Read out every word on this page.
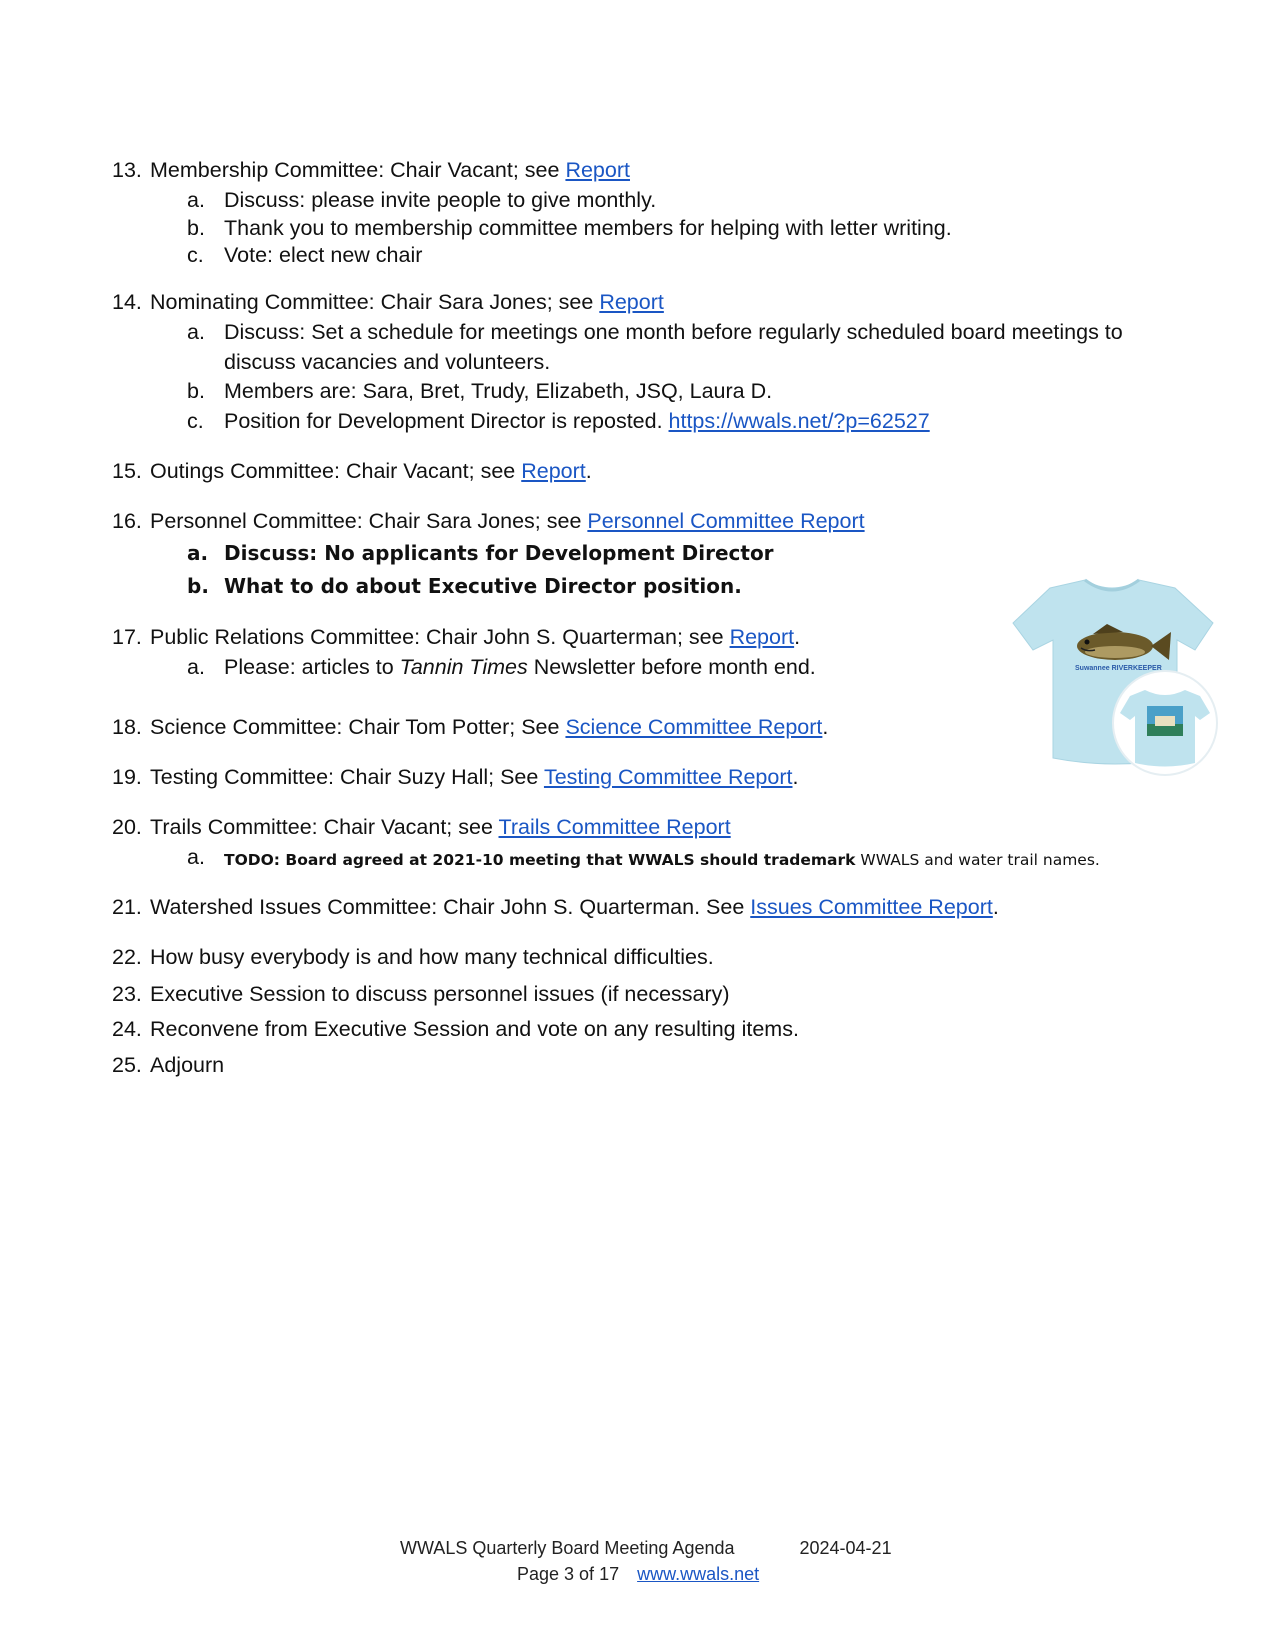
13. Membership Committee: Chair Vacant; see Report
a. Discuss: please invite people to give monthly.
b. Thank you to membership committee members for helping with letter writing.
c. Vote: elect new chair
14. Nominating Committee: Chair Sara Jones; see Report
a. Discuss: Set a schedule for meetings one month before regularly scheduled board meetings to discuss vacancies and volunteers.
b. Members are: Sara, Bret, Trudy, Elizabeth, JSQ, Laura D.
c. Position for Development Director is reposted. https://wwals.net/?p=62527
15. Outings Committee: Chair Vacant; see Report.
16. Personnel Committee: Chair Sara Jones; see Personnel Committee Report
a. Discuss: No applicants for Development Director
b. What to do about Executive Director position.
17. Public Relations Committee: Chair John S. Quarterman; see Report.
a. Please: articles to Tannin Times Newsletter before month end.
18. Science Committee: Chair Tom Potter; See Science Committee Report.
19. Testing Committee: Chair Suzy Hall; See Testing Committee Report.
20. Trails Committee: Chair Vacant; see Trails Committee Report
a.	TODO: Board agreed at 2021-10 meeting that WWALS should trademark WWALS and water trail names.
21. Watershed Issues Committee: Chair John S. Quarterman. See Issues Committee Report.
22. How busy everybody is and how many technical difficulties.
23. Executive Session to discuss personnel issues (if necessary)
24. Reconvene from Executive Session and vote on any resulting items.
25. Adjourn
Suwannee RIVERKEEPER
WWALS Quarterly Board Meeting Agenda	2024-04-21
Page 3 of 17 www.wwals.net
